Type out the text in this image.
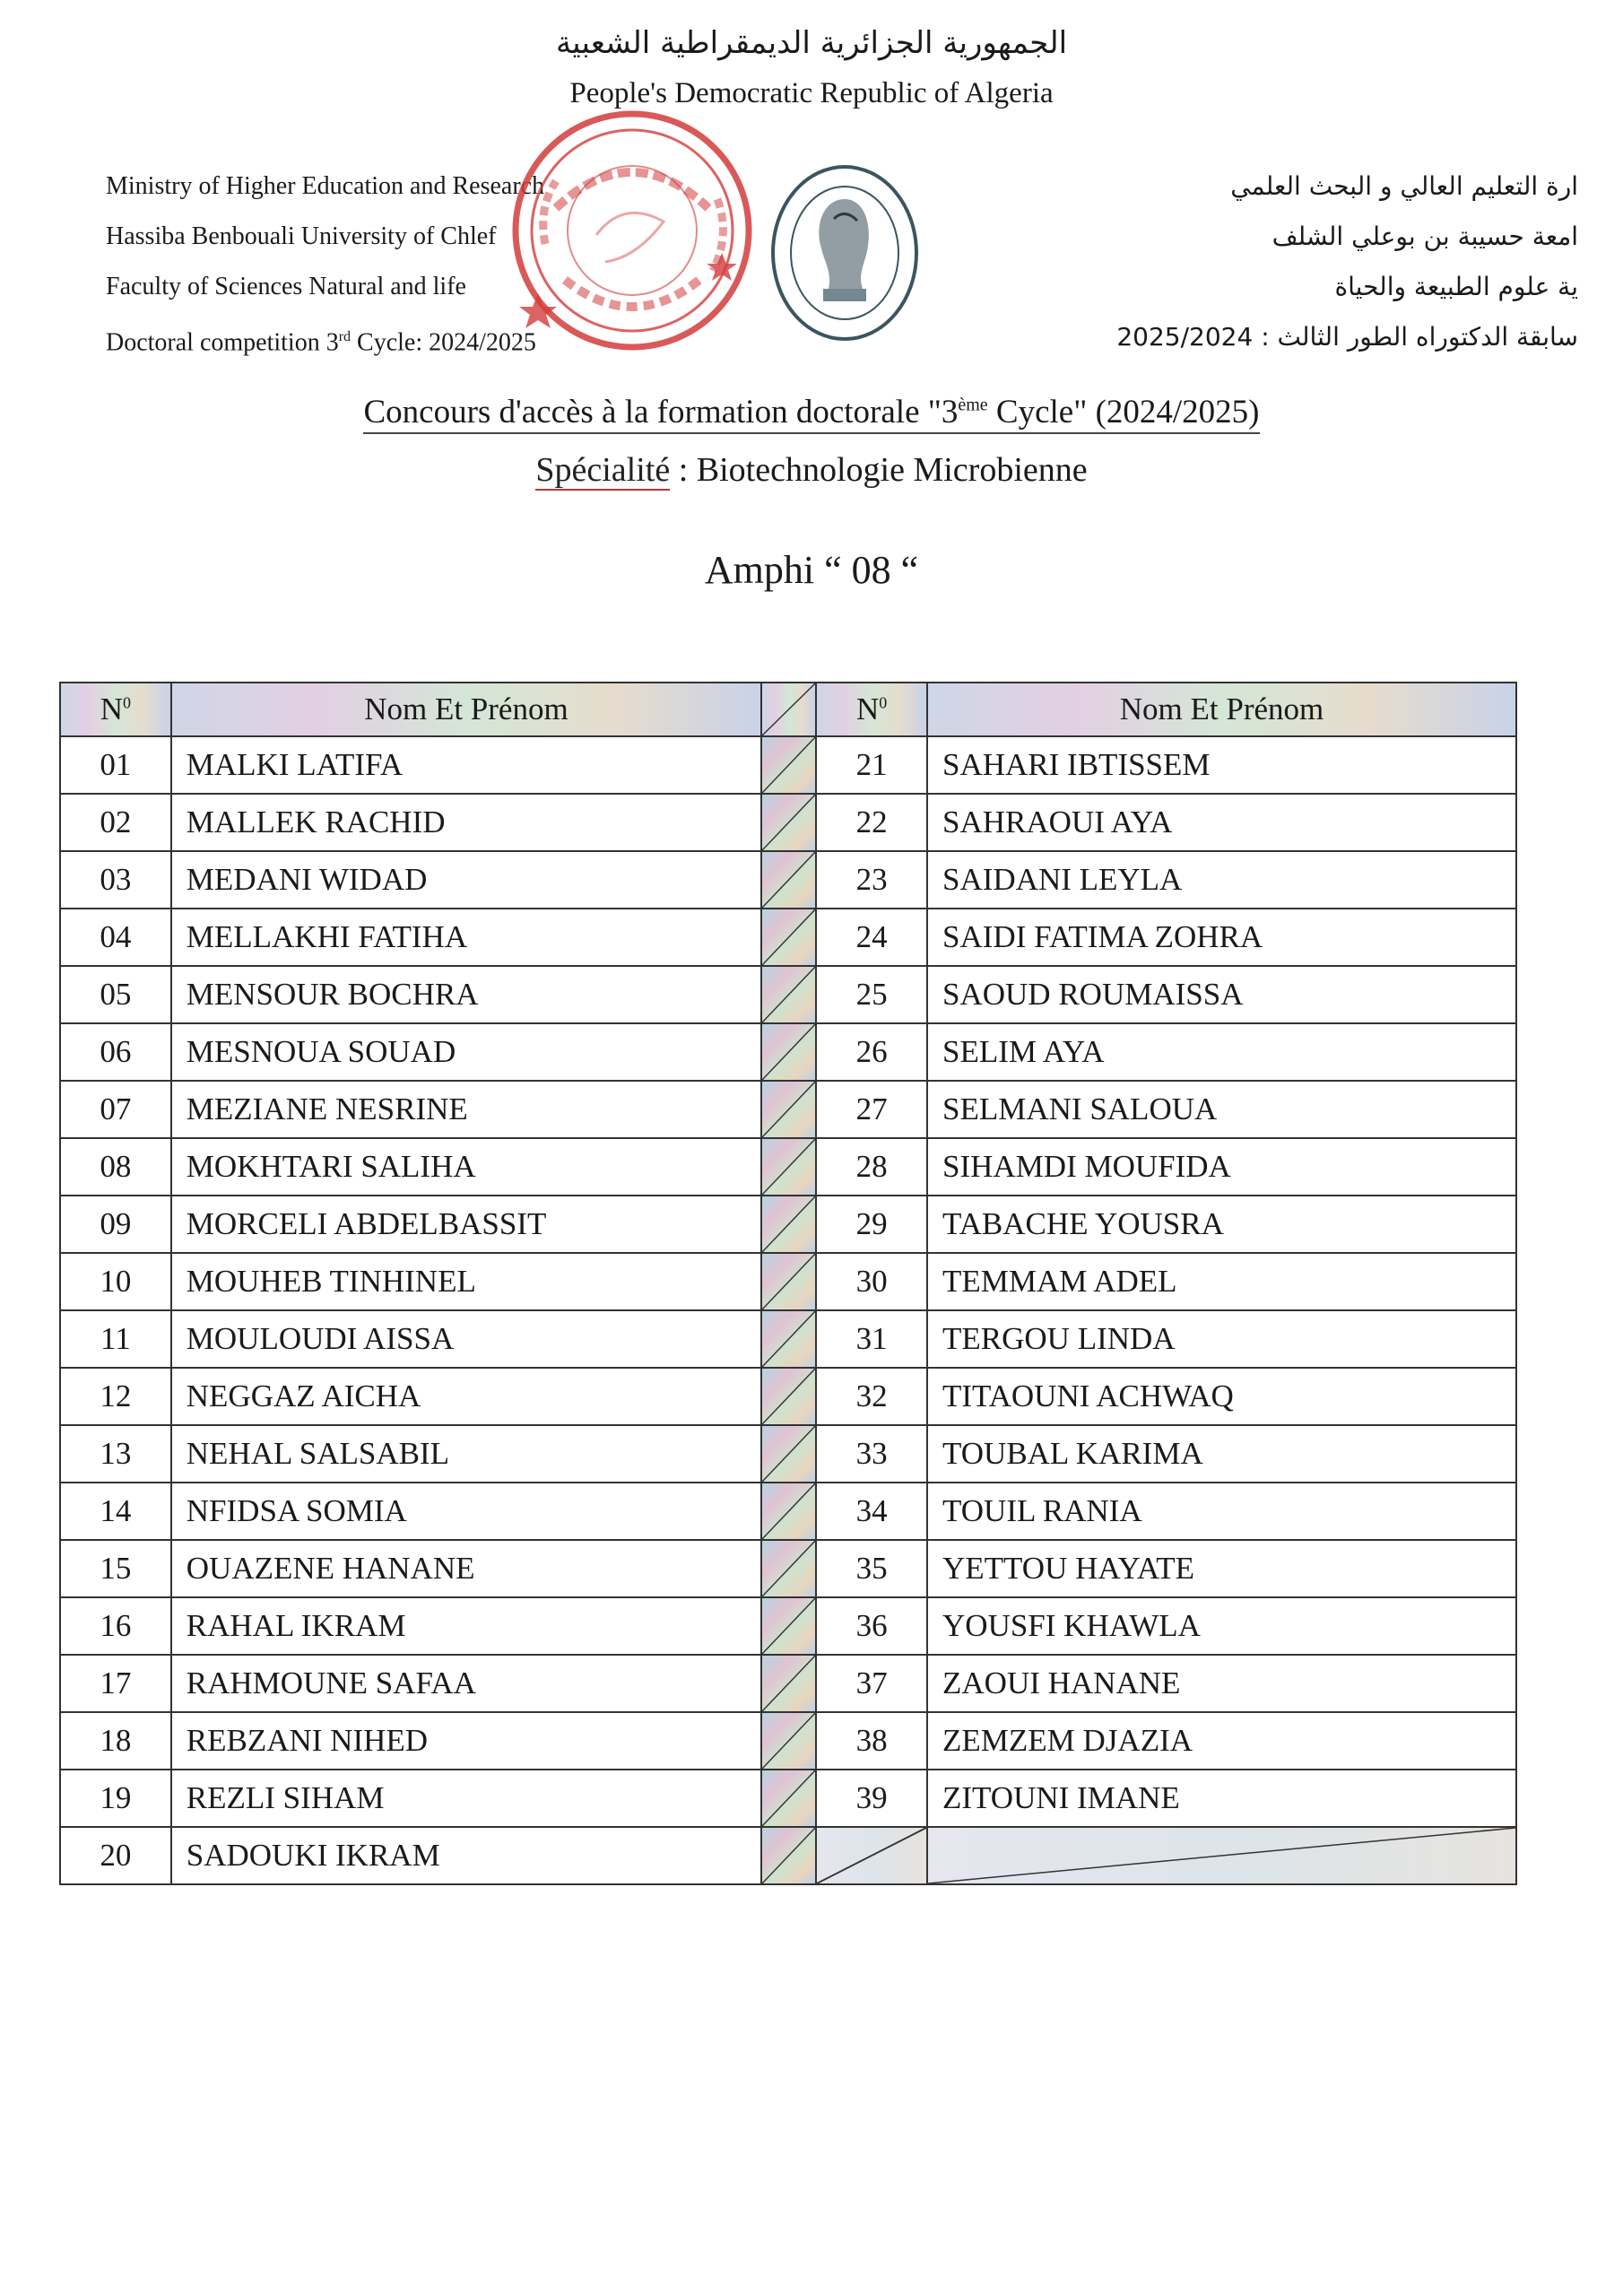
الجمهورية الجزائرية الديمقراطية الشعبية
People's Democratic Republic of Algeria
Ministry of Higher Education and Research
Hassiba Benbouali University of Chlef
Faculty of Sciences Natural and life
Doctoral competition 3rd Cycle: 2024/2025
ارة التعليم العالي و البحث العلمي
امعة حسيبة بن بوعلي الشلف
ية علوم الطبيعة والحياة
سابقة الدكتوراه الطور الثالث : 2025/2024
Concours d'accès à la formation doctorale "3ème Cycle" (2024/2025)
Spécialité : Biotechnologie Microbienne
Amphi “ 08 “
$N^0$	Nom Et Prénom		$N^0$	Nom Et Prénom
01	MALKI LATIFA		21	SAHARI IBTISSEM
02	MALLEK RACHID		22	SAHRAOUI AYA
03	MEDANI WIDAD		23	SAIDANI LEYLA
04	MELLAKHI FATIHA		24	SAIDI FATIMA ZOHRA
05	MENSOUR BOCHRA		25	SAOUD ROUMAISSA
06	MESNOUA SOUAD		26	SELIM AYA
07	MEZIANE NESRINE		27	SELMANI SALOUA
08	MOKHTARI SALIHA		28	SIHAMDI MOUFIDA
09	MORCELI ABDELBASSIT		29	TABACHE YOUSRA
10	MOUHEB TINHINEL		30	TEMMAM ADEL
11	MOULOUDI AISSA		31	TERGOU LINDA
12	NEGGAZ AICHA		32	TITAOUNI ACHWAQ
13	NEHAL SALSABIL		33	TOUBAL KARIMA
14	NFIDSA SOMIA		34	TOUIL RANIA
15	OUAZENE HANANE		35	YETTOU HAYATE
16	RAHAL IKRAM		36	YOUSFI KHAWLA
17	RAHMOUNE SAFAA		37	ZAOUI HANANE
18	REBZANI NIHED		38	ZEMZEM DJAZIA
19	REZLI SIHAM		39	ZITOUNI IMANE
20	SADOUKI IKRAM	
